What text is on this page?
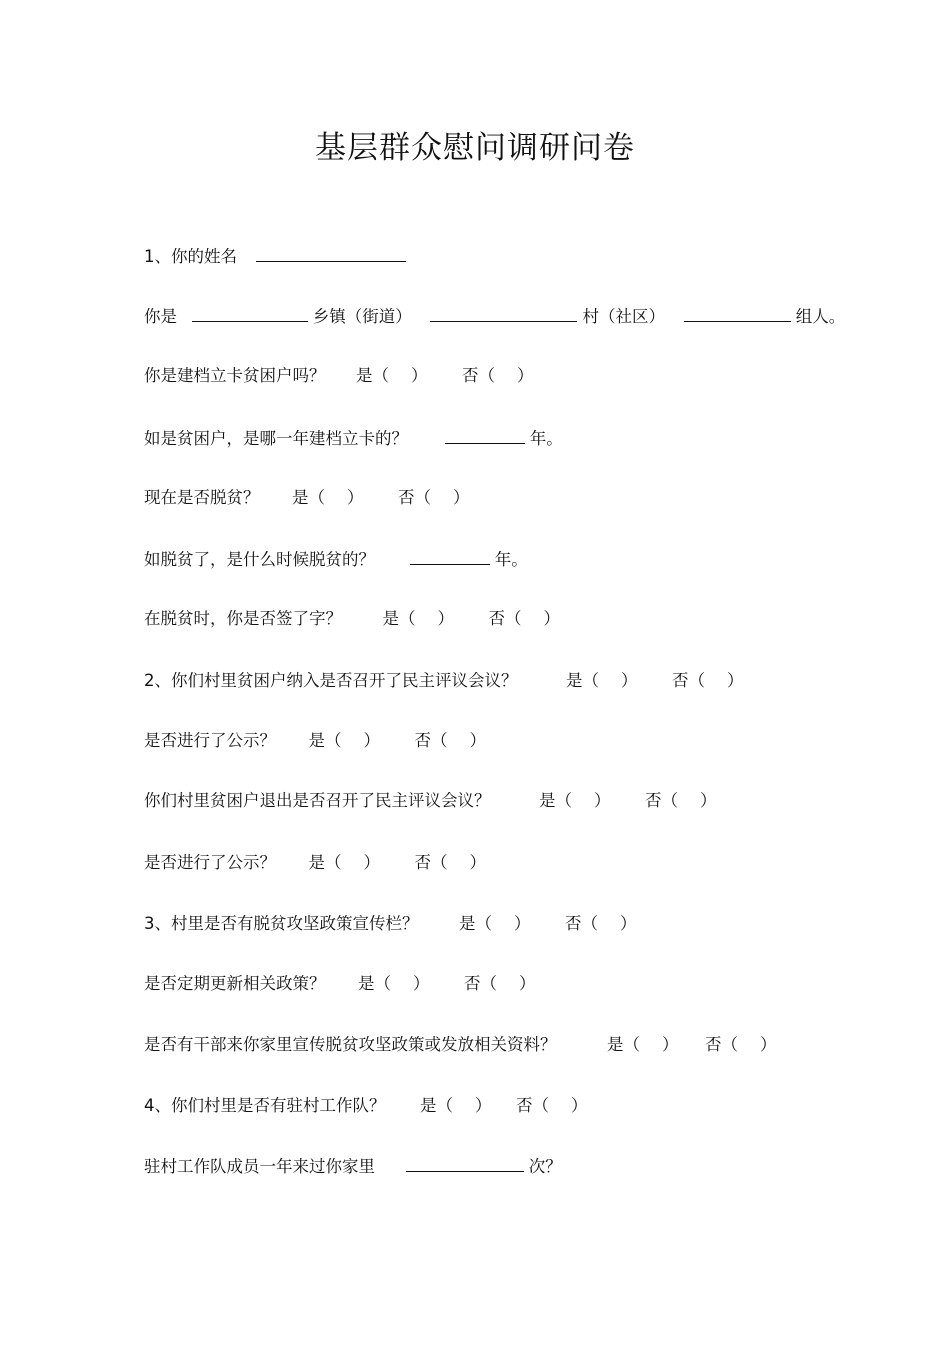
基层群众慰问调研问卷
1、你的姓名
你是	乡镇（街道）	村（社区）	组人。
你是建档立卡贫困户吗？ 是（ ） 否（ ）
如是贫困户，是哪一年建档立卡的？	年。
现在是否脱贫？ 是（ ） 否（ ）
如脱贫了，是什么时候脱贫的？	年。
在脱贫时，你是否签了字？ 是（ ） 否（ ）
2、你们村里贫困户纳入是否召开了民主评议会议？	是（ ） 否（ ）
是否进行了公示？ 是（ ） 否（ ）
你们村里贫困户退出是否召开了民主评议会议？	是（ ） 否（ ）
是否进行了公示？ 是（ ） 否（ ）
3、村里是否有脱贫攻坚政策宣传栏？ 是（ ） 否（ ）
是否定期更新相关政策？ 是（ ） 否（ ）
是否有干部来你家里宣传脱贫攻坚政策或发放相关资料？	是（ ） 否（ ）
4、你们村里是否有驻村工作队？ 是（ ） 否（ ）
驻村工作队成员一年来过你家里	次？
